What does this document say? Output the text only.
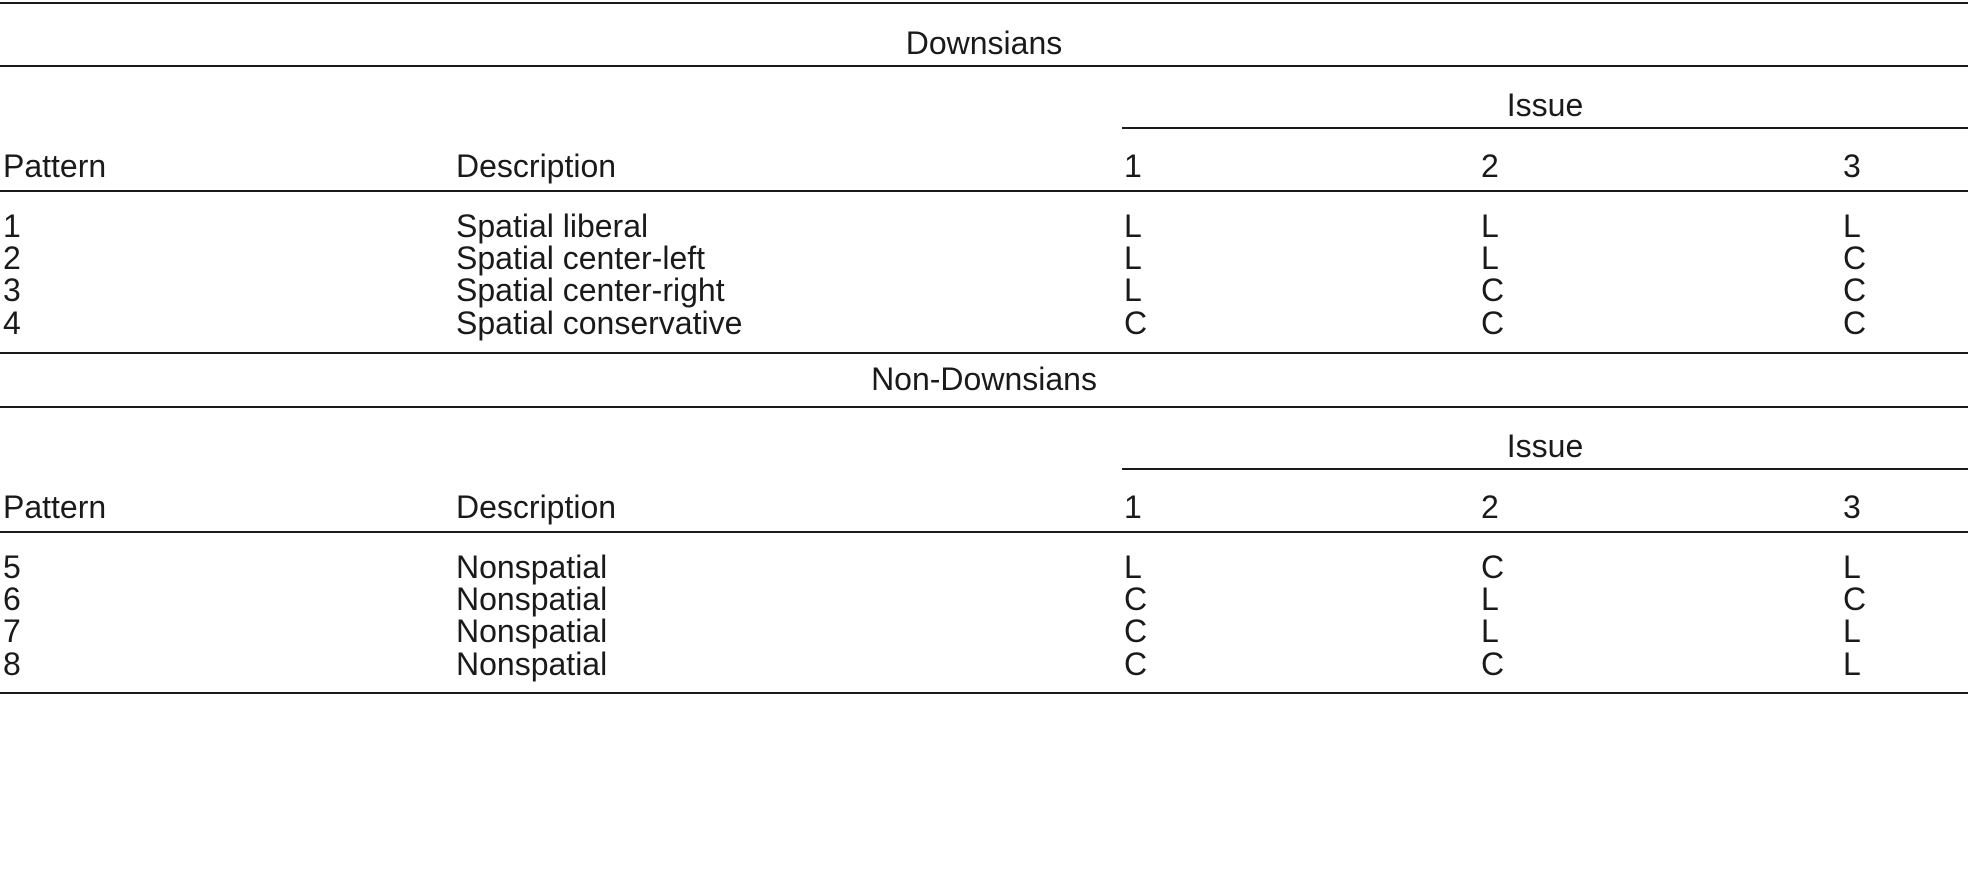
Downsians
Issue
Pattern	Description	1	2	3
1	Spatial liberal	L	L	L
2	Spatial center-left	L	L	C
3	Spatial center-right	L	C	C
4	Spatial conservative	C	C	C
Non-Downsians
Issue
Pattern	Description	1	2	3
5	Nonspatial	L	C	L
6	Nonspatial	C	L	C
7	Nonspatial	C	L	L
8	Nonspatial	C	C	L
